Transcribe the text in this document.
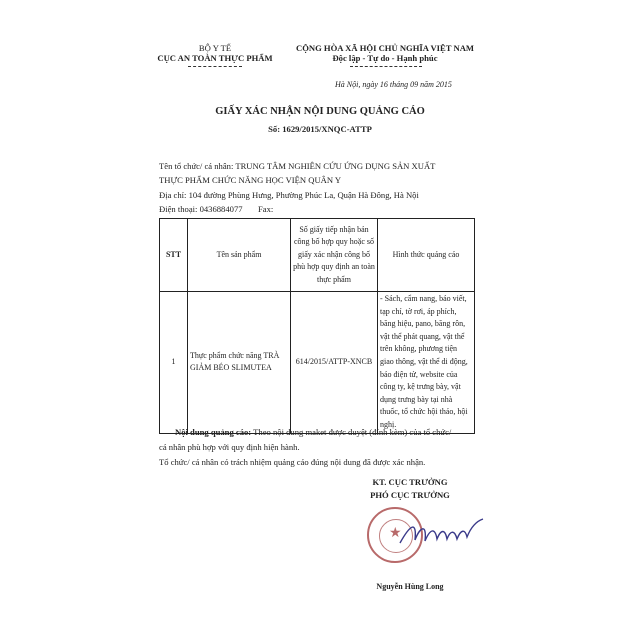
BỘ Y TẾ
CỤC AN TOÀN THỰC PHẨM
CỘNG HÒA XÃ HỘI CHỦ NGHĨA VIỆT NAM
Độc lập - Tự do - Hạnh phúc
Hà Nội, ngày 16 tháng 09 năm 2015
GIẤY XÁC NHẬN NỘI DUNG QUẢNG CÁO
Số: 1629/2015/XNQC-ATTP
Tên tổ chức/ cá nhân: TRUNG TÂM NGHIÊN CỨU ỨNG DỤNG SẢN XUẤT
THỰC PHẨM CHỨC NĂNG HỌC VIỆN QUÂN Y
Địa chỉ: 104 đường Phùng Hưng, Phường Phúc La, Quận Hà Đông, Hà Nội
Điện thoại: 0436884077 Fax:
STT	Tên sản phẩm	Số giấy tiếp nhận bản công bố hợp quy hoặc số giấy xác nhận công bố phù hợp quy định an toàn thực phẩm	Hình thức quảng cáo
1	Thực phẩm chức năng TRÀ GIẢM BÉO SLIMUTEA	614/2015/ATTP-XNCB	- Sách, cẩm nang, báo viết, tạp chí, tờ rơi, áp phích, băng hiệu, pano, băng rôn, vật thể phát quang, vật thể trên không, phương tiện giao thông, vật thể di động, báo điện tử, website của công ty, kệ trưng bày, vật dụng trưng bày tại nhà thuốc, tổ chức hội thảo, hội nghị.
Nội dung quảng cáo: Theo nội dung maket được duyệt (đính kèm) của tổ chức/
cá nhân phù hợp với quy định hiện hành.
Tổ chức/ cá nhân có trách nhiệm quảng cáo đúng nội dung đã được xác nhận.
KT. CỤC TRƯỞNG
PHÓ CỤC TRƯỞNG
★
Nguyễn Hùng Long
